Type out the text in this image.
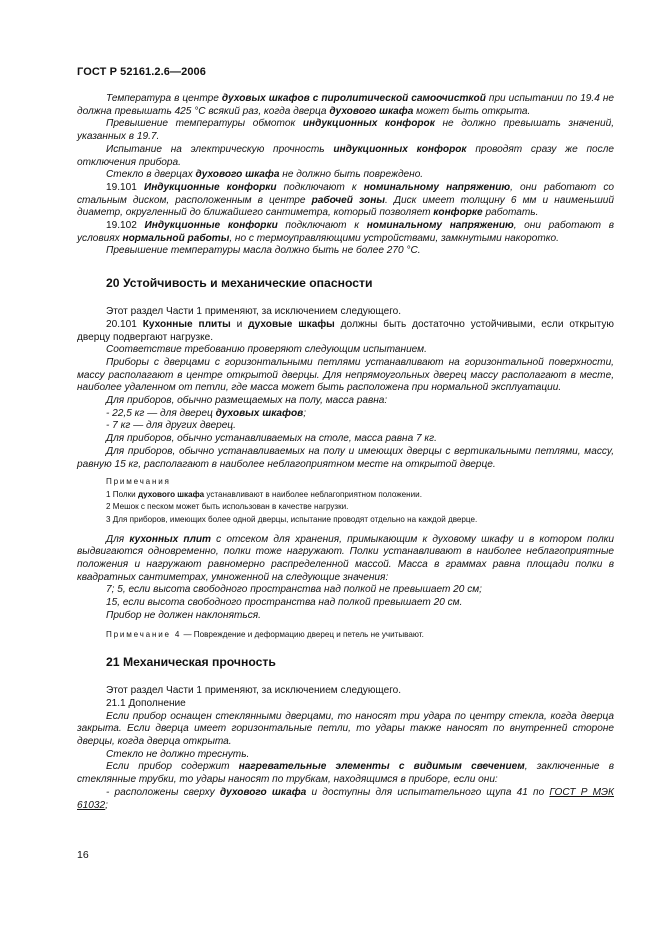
ГОСТ Р 52161.2.6—2006

Температура в центре духовых шкафов с пиролитической самоочисткой при испытании по 19.4 не должна превышать 425 °С всякий раз, когда дверца духового шкафа может быть открыта.

Превышение температуры обмоток индукционных конфорок не должно превышать значений, указанных в 19.7.

Испытание на электрическую прочность индукционных конфорок проводят сразу же после отключения прибора.

Стекло в дверцах духового шкафа не должно быть повреждено.

19.101 Индукционные конфорки подключают к номинальному напряжению, они работают со стальным диском, расположенным в центре рабочей зоны. Диск имеет толщину 6 мм и наименьший диаметр, округленный до ближайшего сантиметра, который позволяет конфорке работать.

19.102 Индукционные конфорки подключают к номинальному напряжению, они работают в условиях нормальной работы, но с термоуправляющими устройствами, замкнутыми накоротко.

Превышение температуры масла должно быть не более 270 °С.

20 Устойчивость и механические опасности

Этот раздел Части 1 применяют, за исключением следующего.

20.101 Кухонные плиты и духовые шкафы должны быть достаточно устойчивыми, если открытую дверцу подвергают нагрузке.

Соответствие требованию проверяют следующим испытанием.

Приборы с дверцами с горизонтальными петлями устанавливают на горизонтальной поверхности, массу располагают в центре открытой дверцы. Для непрямоугольных дверец массу располагают в месте, наиболее удаленном от петли, где масса может быть расположена при нормальной эксплуатации.

Для приборов, обычно размещаемых на полу, масса равна:

- 22,5 кг — для дверец духовых шкафов;

- 7 кг — для других дверец.

Для приборов, обычно устанавливаемых на столе, масса равна 7 кг.

Для приборов, обычно устанавливаемых на полу и имеющих дверцы с вертикальными петлями, массу, равную 15 кг, располагают в наиболее неблагоприятном месте на открытой дверце.

Примечания

1 Полки духового шкафа устанавливают в наиболее неблагоприятном положении.

2 Мешок с песком может быть использован в качестве нагрузки.

3 Для приборов, имеющих более одной дверцы, испытание проводят отдельно на каждой дверце.

Для кухонных плит с отсеком для хранения, примыкающим к духовому шкафу и в котором полки выдвигаются одновременно, полки тоже нагружают. Полки устанавливают в наиболее неблагоприятные положения и нагружают равномерно распределенной массой. Масса в граммах равна площади полки в квадратных сантиметрах, умноженной на следующие значения:

7; 5, если высота свободного пространства над полкой не превышает 20 см;

15, если высота свободного пространства над полкой превышает 20 см.

Прибор не должен наклоняться.

Примечание 4 — Повреждение и деформацию дверец и петель не учитывают.

21 Механическая прочность

Этот раздел Части 1 применяют, за исключением следующего.

21.1 Дополнение

Если прибор оснащен стеклянными дверцами, то наносят три удара по центру стекла, когда дверца закрыта. Если дверца имеет горизонтальные петли, то удары также наносят по внутренней стороне дверцы, когда дверца открыта.

Стекло не должно треснуть.

Если прибор содержит нагревательные элементы с видимым свечением, заключенные в стеклянные трубки, то удары наносят по трубкам, находящимся в приборе, если они:

- расположены сверху духового шкафа и доступны для испытательного щупа 41 по ГОСТ Р МЭК 61032;

16
